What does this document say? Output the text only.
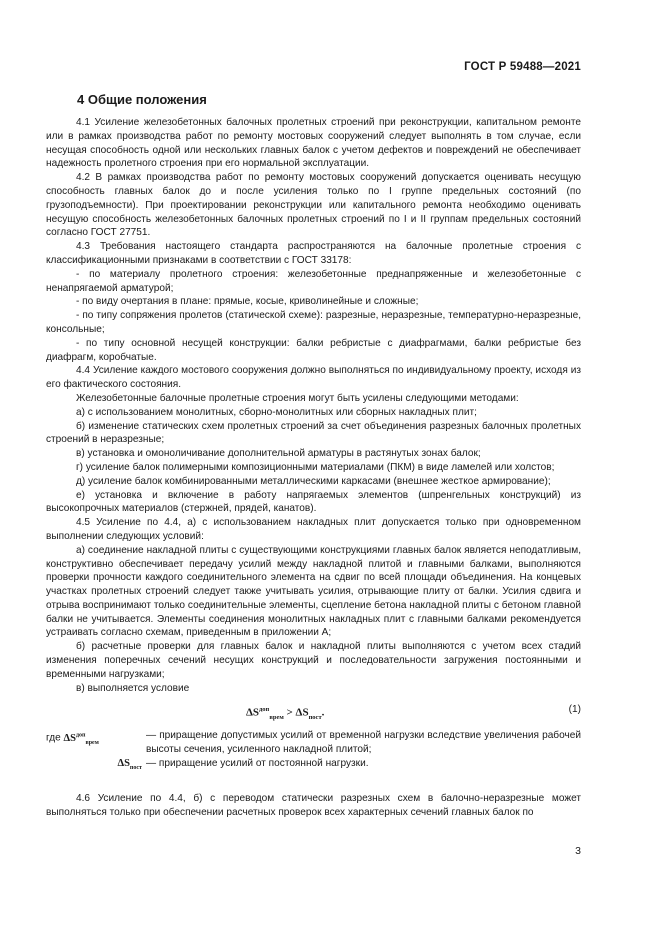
ГОСТ Р 59488—2021
4 Общие положения

4.1 Усиление железобетонных балочных пролетных строений при реконструкции, капитальном ремонте или в рамках производства работ по ремонту мостовых сооружений следует выполнять в том случае, если несущая способность одной или нескольких главных балок с учетом дефектов и повреждений не обеспечивает надежность пролетного строения при его нормальной эксплуатации.

4.2 В рамках производства работ по ремонту мостовых сооружений допускается оценивать несущую способность главных балок до и после усиления только по I группе предельных состояний (по грузоподъемности). При проектировании реконструкции или капитального ремонта необходимо оценивать несущую способность железобетонных балочных пролетных строений по I и II группам предельных состояний согласно ГОСТ 27751.

4.3 Требования настоящего стандарта распространяются на балочные пролетные строения с классификационными признаками в соответствии с ГОСТ 33178:

- по материалу пролетного строения: железобетонные преднапряженные и железобетонные с ненапрягаемой арматурой;

- по виду очертания в плане: прямые, косые, криволинейные и сложные;

- по типу сопряжения пролетов (статической схеме): разрезные, неразрезные, температурно-неразрезные, консольные;

- по типу основной несущей конструкции: балки ребристые с диафрагмами, балки ребристые без диафрагм, коробчатые.

4.4 Усиление каждого мостового сооружения должно выполняться по индивидуальному проекту, исходя из его фактического состояния.

Железобетонные балочные пролетные строения могут быть усилены следующими методами:

а) с использованием монолитных, сборно-монолитных или сборных накладных плит;

б) изменение статических схем пролетных строений за счет объединения разрезных балочных пролетных строений в неразрезные;

в) установка и омоноличивание дополнительной арматуры в растянутых зонах балок;

г) усиление балок полимерными композиционными материалами (ПКМ) в виде ламелей или холстов;

д) усиление балок комбинированными металлическими каркасами (внешнее жесткое армирование);

е) установка и включение в работу напрягаемых элементов (шпренгельных конструкций) из высокопрочных материалов (стержней, прядей, канатов).

4.5 Усиление по 4.4, а) с использованием накладных плит допускается только при одновременном выполнении следующих условий:

а) соединение накладной плиты с существующими конструкциями главных балок является неподатливым, конструктивно обеспечивает передачу усилий между накладной плитой и главными балками, выполняются проверки прочности каждого соединительного элемента на сдвиг по всей площади объединения. На концевых участках пролетных строений следует также учитывать усилия, отрывающие плиту от балки. Усилия сдвига и отрыва воспринимают только соединительные элементы, сцепление бетона накладной плиты с бетоном главной балки не учитывается. Элементы соединения монолитных накладных плит с главными балками рекомендуется устраивать согласно схемам, приведенным в приложении А;

б) расчетные проверки для главных балок и накладной плиты выполняются с учетом всех стадий изменения поперечных сечений несущих конструкций и последовательности загружения постоянными и временными нагрузками;

в) выполняется условие

$\Delta S^{доп}_{врем} > \Delta S_{пост}$.	(1)
где $\Delta S^{доп}_{врем}$
— приращение допустимых усилий от временной нагрузки вследствие увеличения рабочей высоты сечения, усиленного накладной плитой;
$\Delta S_{пост}$ — приращение усилий от постоянной нагрузки.

4.6 Усиление по 4.4, б) с переводом статически разрезных схем в балочно-неразрезные может выполняться только при обеспечении расчетных проверок всех характерных сечений главных балок по

3
